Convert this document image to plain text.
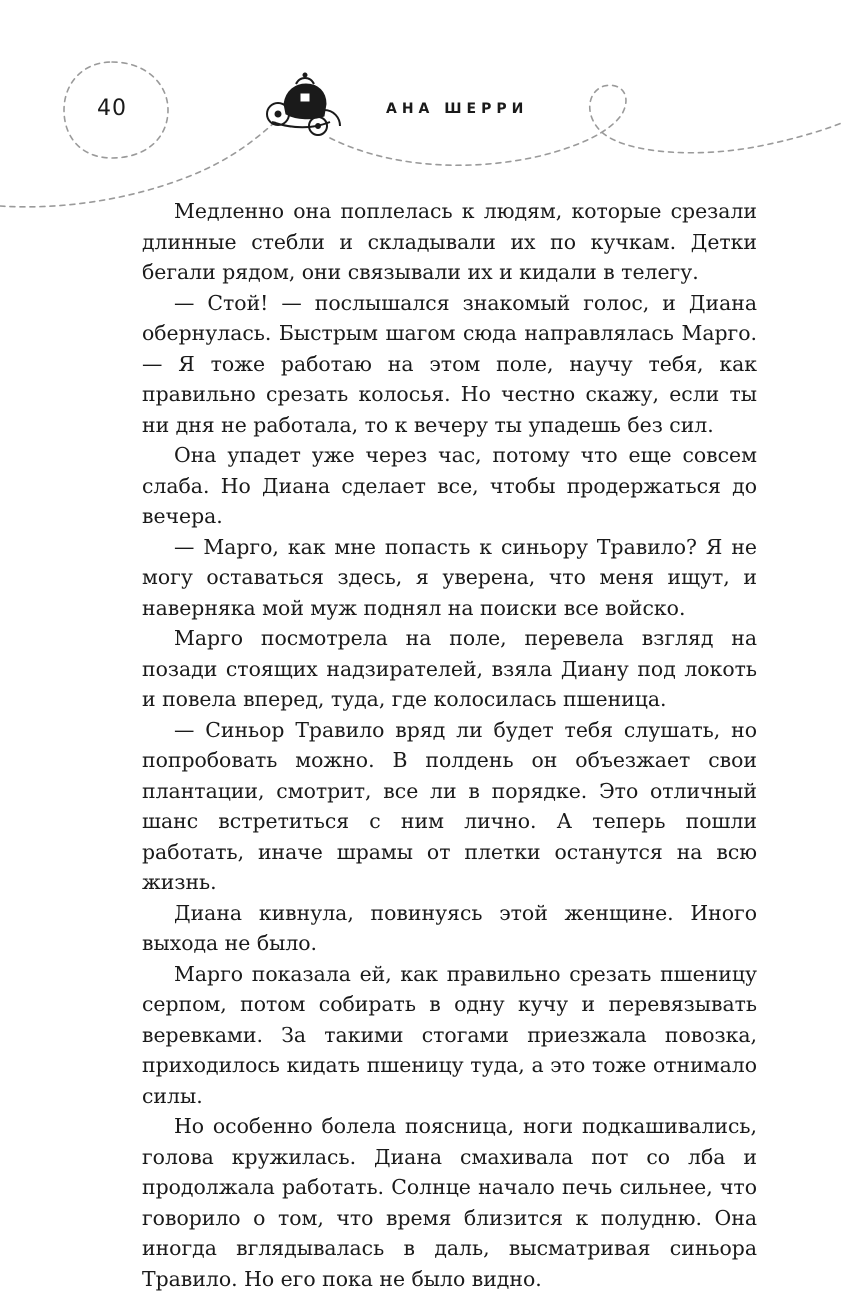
40	АНА ШЕРРИ

Медленно она поплелась к людям, которые срезали длинные стебли и складывали их по кучкам. Детки бегали рядом, они связывали их и кидали в телегу.

— Стой! — послышался знакомый голос, и Диана обернулась. Быстрым шагом сюда направлялась Марго. — Я тоже работаю на этом поле, научу тебя, как правильно срезать колосья. Но честно скажу, если ты ни дня не работала, то к вечеру ты упадешь без сил.

Она упадет уже через час, потому что еще совсем слаба. Но Диана сделает все, чтобы продержаться до вечера.

— Марго, как мне попасть к синьору Травило? Я не могу оставаться здесь, я уверена, что меня ищут, и наверняка мой муж поднял на поиски все войско.

Марго посмотрела на поле, перевела взгляд на позади стоящих надзирателей, взяла Диану под локоть и повела вперед, туда, где колосилась пшеница.

— Синьор Травило вряд ли будет тебя слушать, но попробовать можно. В полдень он объезжает свои плантации, смотрит, все ли в порядке. Это отличный шанс встретиться с ним лично. А теперь пошли работать, иначе шрамы от плетки останутся на всю жизнь.

Диана кивнула, повинуясь этой женщине. Иного выхода не было.

Марго показала ей, как правильно срезать пшеницу серпом, потом собирать в одну кучу и перевязывать веревками. За такими стогами приезжала повозка, приходилось кидать пшеницу туда, а это тоже отнимало силы.

Но особенно болела поясница, ноги подкашивались, голова кружилась. Диана смахивала пот со лба и продолжала работать. Солнце начало печь сильнее, что говорило о том, что время близится к полудню. Она иногда вглядывалась в даль, высматривая синьора Травило. Но его пока не было видно.
